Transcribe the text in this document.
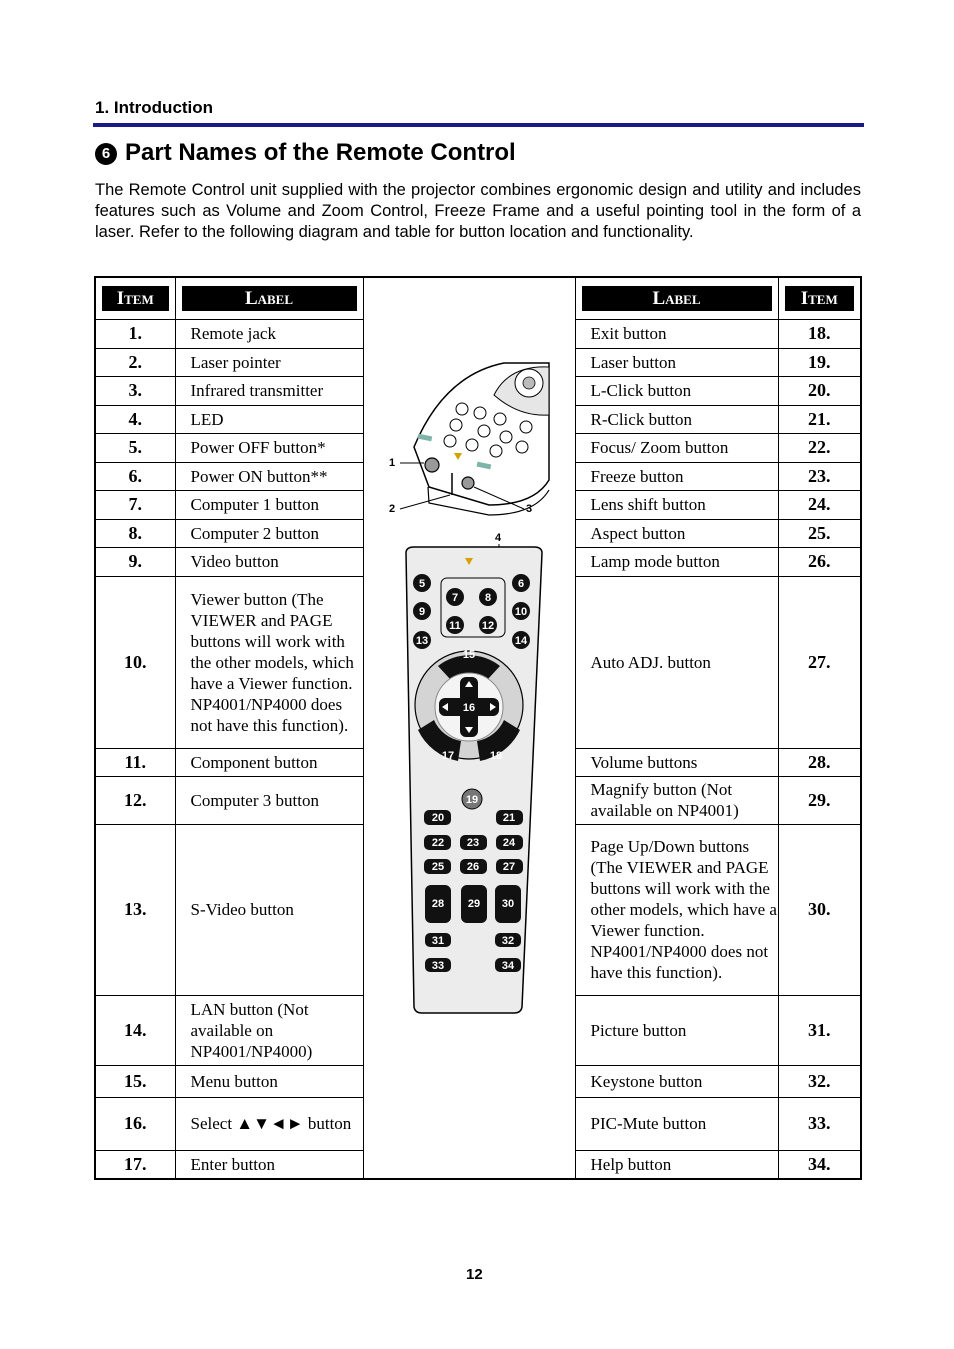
1. Introduction
6 Part Names of the Remote Control
The Remote Control unit supplied with the projector combines ergonomic design and utility and includes features such as Volume and Zoom Control, Freeze Frame and a useful pointing tool in the form of a laser. Refer to the following diagram and table for button location and functionality.
Item	Label		Label	Item

1.	Remote jack		Exit button	18.
2.	Laser pointer		Laser button	19.
3.	Infrared transmitter		L-Click button	20.
4.	LED		R-Click button	21.
5.	Power OFF button*		Focus/ Zoom button	22.
6.	Power ON button**		Freeze button	23.
7.	Computer 1 button		Lens shift button	24.
8.	Computer 2 button		Aspect button	25.
9.	Video button		Lamp mode button	26.
10.	Viewer button (The VIEWER and PAGE buttons will work with the other models, which have a Viewer function. NP4001/NP4000 does not have this function).		Auto ADJ. button	27.
11.	Component button		Volume buttons	28.
12.	Computer 3 button		Magnify button (Not available on NP4001)	29.
13.	S-Video button		Page Up/Down buttons (The VIEWER and PAGE buttons will work with the other models, which have a Viewer function. NP4001/NP4000 does not have this function).	30.
14.	LAN button (Not available on NP4001/NP4000)		Picture button	31.
15.	Menu button		Keystone button	32.
16.	Select ▲▼◄► button		PIC-Mute button	33.
17.	Enter button		Help button	34.
1
2	3
4
5	6
7 8
9	10
11 12
13	14
15
16
17	18
19
20	21
22 23 24
25 26 27
28 29 30
31	32
33	34
12
